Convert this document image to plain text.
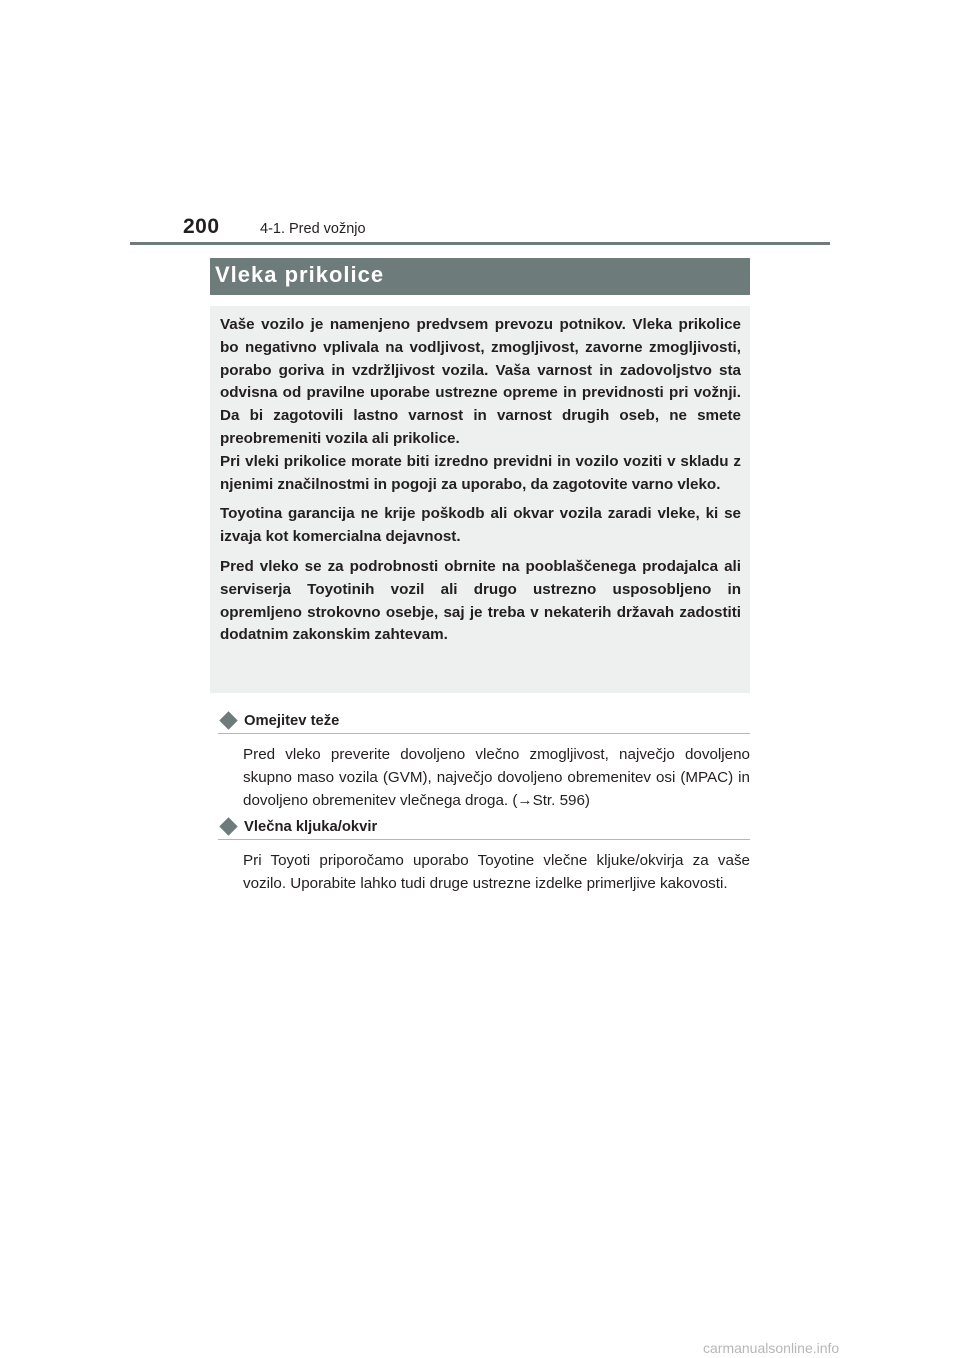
200	4-1. Pred vožnjo
Vleka prikolice

Vaše vozilo je namenjeno predvsem prevozu potnikov. Vleka prikolice bo negativno vplivala na vodljivost, zmogljivost, zavorne zmogljivosti, porabo goriva in vzdržljivost vozila. Vaša varnost in zadovoljstvo sta odvisna od pravilne uporabe ustrezne opreme in previdnosti pri vožnji. Da bi zagotovili lastno varnost in varnost drugih oseb, ne smete preobremeniti vozila ali prikolice.

Pri vleki prikolice morate biti izredno previdni in vozilo voziti v skladu z njenimi značilnostmi in pogoji za uporabo, da zagotovite varno vleko.

Toyotina garancija ne krije poškodb ali okvar vozila zaradi vleke, ki se izvaja kot komercialna dejavnost.

Pred vleko se za podrobnosti obrnite na pooblaščenega prodajalca ali serviserja Toyotinih vozil ali drugo ustrezno usposobljeno in opremljeno strokovno osebje, saj je treba v nekaterih državah zadostiti dodatnim zakonskim zahtevam.

Omejitev teže
Pred vleko preverite dovoljeno vlečno zmogljivost, največjo dovoljeno skupno maso vozila (GVM), največjo dovoljeno obremenitev osi (MPAC) in dovoljeno obremenitev vlečnega droga. (→Str. 596)
Vlečna kljuka/okvir
Pri Toyoti priporočamo uporabo Toyotine vlečne kljuke/okvirja za vaše vozilo. Uporabite lahko tudi druge ustrezne izdelke primerljive kakovosti.
carmanualsonline.info
